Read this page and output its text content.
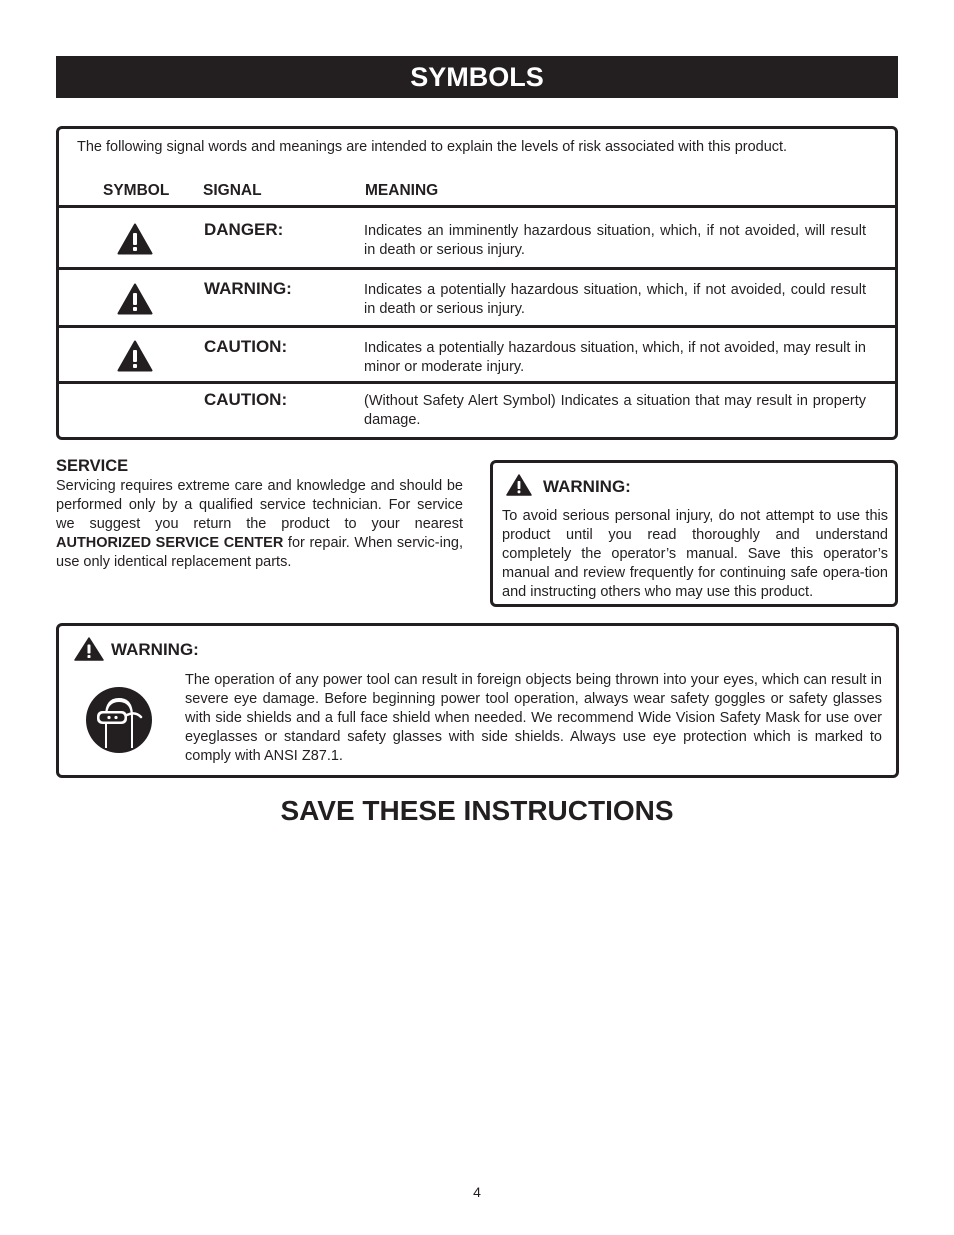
SYMBOLS
The following signal words and meanings are intended to explain the levels of risk associated with this product.
SYMBOL SIGNAL	MEANING
DANGER:	Indicates an imminently hazardous situation, which, if not avoided, will result in death or serious injury.
WARNING:	Indicates a potentially hazardous situation, which, if not avoided, could result in death or serious injury.
CAUTION:	Indicates a potentially hazardous situation, which, if not avoided, may result in minor or moderate injury.
CAUTION:	(Without Safety Alert Symbol) Indicates a situation that may result in property damage.
SERVICE
Servicing requires extreme care and knowledge and should be performed only by a qualified service technician. For service we suggest you return the product to your nearest AUTHORIZED SERVICE CENTER for repair. When servic-ing, use only identical replacement parts.
WARNING:
To avoid serious personal injury, do not attempt to use this product until you read thoroughly and understand completely the operator’s manual. Save this operator’s manual and review frequently for continuing safe opera-tion and instructing others who may use this product.
WARNING:
The operation of any power tool can result in foreign objects being thrown into your eyes, which can result in severe eye damage. Before beginning power tool operation, always wear safety goggles or safety glasses with side shields and a full face shield when needed. We recommend Wide Vision Safety Mask for use over eyeglasses or standard safety glasses with side shields. Always use eye protection which is marked to comply with ANSI Z87.1.
SAVE THESE INSTRUCTIONS
4
